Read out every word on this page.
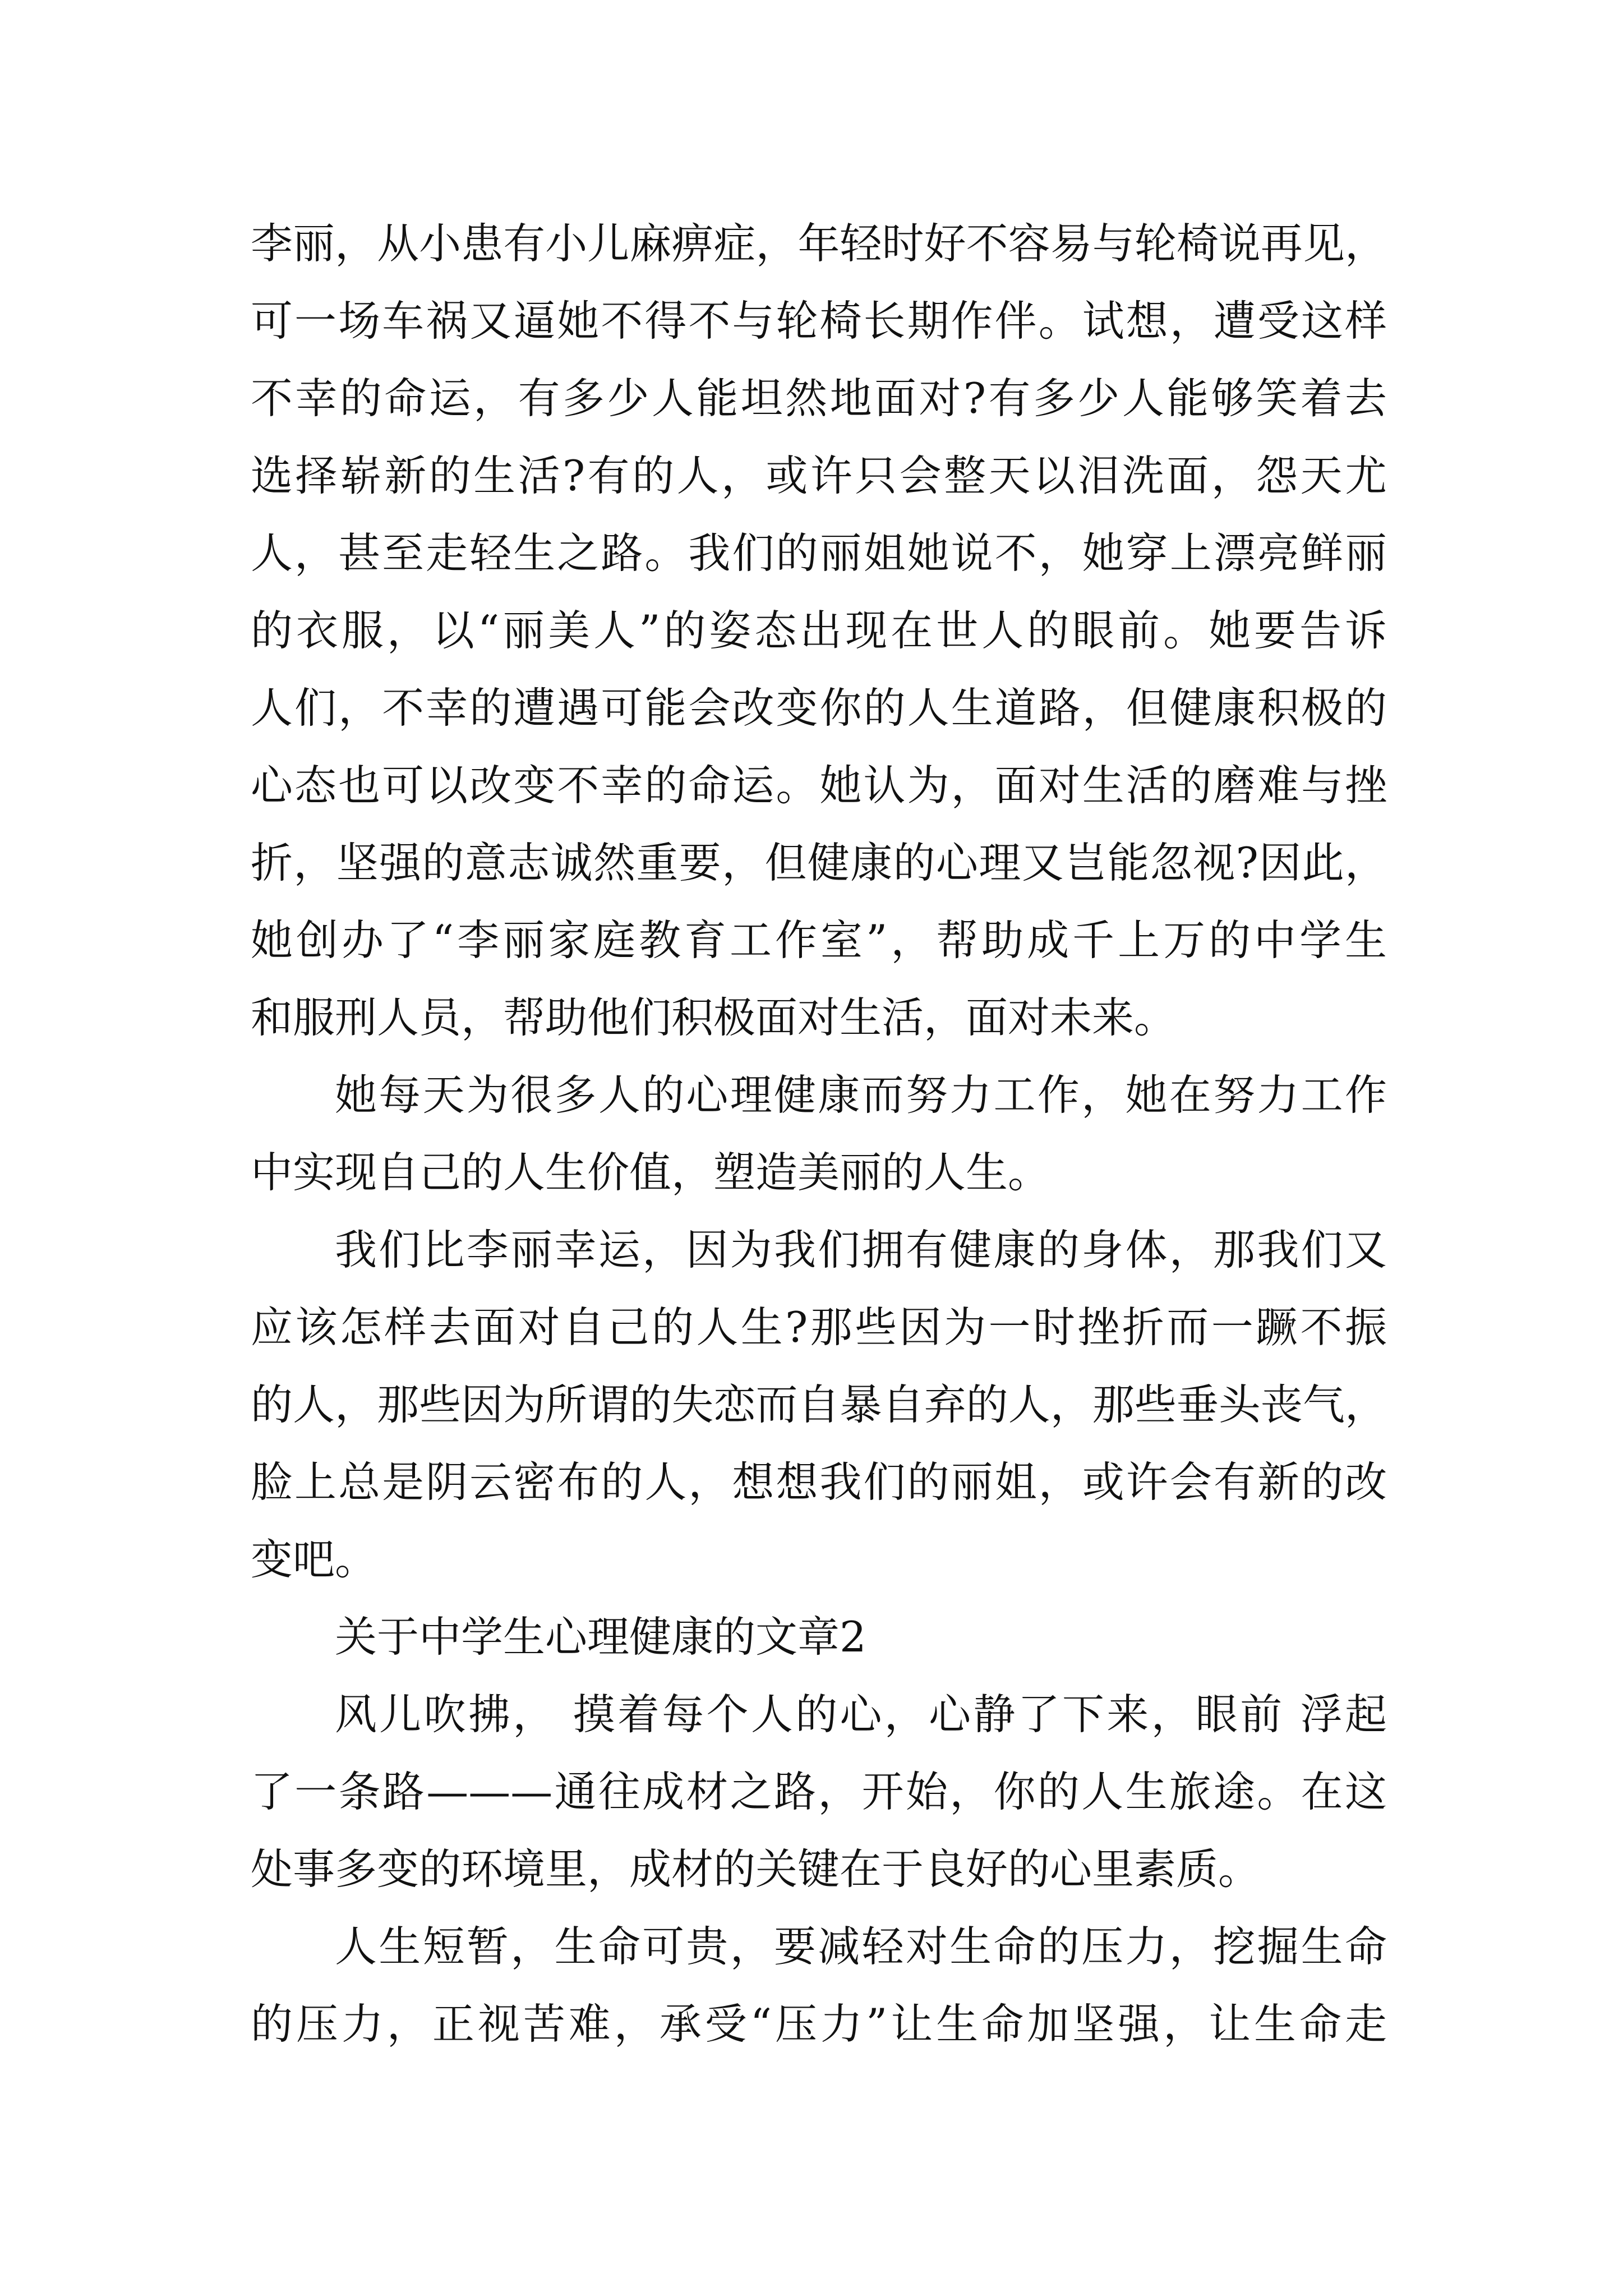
李丽，从小患有小儿麻痹症，年轻时好不容易与轮椅说再见，
可一场车祸又逼她不得不与轮椅长期作伴。试想，遭受这样
不幸的命运，有多少人能坦然地面对?有多少人能够笑着去
选择崭新的生活?有的人，或许只会整天以泪洗面，怨天尤
人，甚至走轻生之路。我们的丽姐她说不，她穿上漂亮鲜丽
的衣服，以“丽美人”的姿态出现在世人的眼前。她要告诉
人们，不幸的遭遇可能会改变你的人生道路，但健康积极的
心态也可以改变不幸的命运。她认为，面对生活的磨难与挫
折，坚强的意志诚然重要，但健康的心理又岂能忽视?因此，
她创办了“李丽家庭教育工作室”，帮助成千上万的中学生
和服刑人员，帮助他们积极面对生活，面对未来。
她每天为很多人的心理健康而努力工作，她在努力工作
中实现自己的人生价值，塑造美丽的人生。
我们比李丽幸运，因为我们拥有健康的身体，那我们又
应该怎样去面对自己的人生?那些因为一时挫折而一蹶不振
的人，那些因为所谓的失恋而自暴自弃的人，那些垂头丧气，
脸上总是阴云密布的人，想想我们的丽姐，或许会有新的改
变吧。
关于中学生心理健康的文章2
风儿吹拂， 摸着每个人的心，心静了下来，眼前 浮起
了一条路———通往成材之路，开始，你的人生旅途。在这
处事多变的环境里，成材的关键在于良好的心里素质。
人生短暂，生命可贵，要减轻对生命的压力，挖掘生命
的压力，正视苦难，承受“压力”让生命加坚强，让生命走
